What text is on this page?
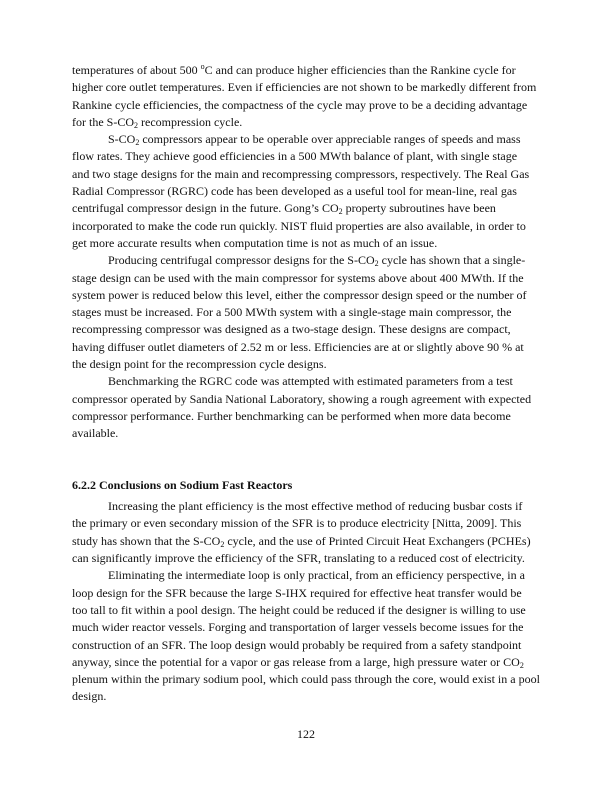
temperatures of about 500 $^o$C and can produce higher efficiencies than the Rankine cycle for
higher core outlet temperatures. Even if efficiencies are not shown to be markedly different from
Rankine cycle efficiencies, the compactness of the cycle may prove to be a deciding advantage
for the $S-CO_2$ recompression cycle.
$S-CO_2$ compressors appear to be operable over appreciable ranges of speeds and mass
flow rates. They achieve good efficiencies in a 500 MWth balance of plant, with single stage
and two stage designs for the main and recompressing compressors, respectively. The Real Gas
Radial Compressor (RGRC) code has been developed as a useful tool for mean-line, real gas
centrifugal compressor design in the future. Gong’s $CO_2$ property subroutines have been
incorporated to make the code run quickly. NIST fluid properties are also available, in order to
get more accurate results when computation time is not as much of an issue.
Producing centrifugal compressor designs for the $S-CO_2$ cycle has shown that a single-
stage design can be used with the main compressor for systems above about 400 MWth. If the
system power is reduced below this level, either the compressor design speed or the number of
stages must be increased. For a 500 MWth system with a single-stage main compressor, the
recompressing compressor was designed as a two-stage design. These designs are compact,
having diffuser outlet diameters of 2.52 m or less. Efficiencies are at or slightly above 90 % at
the design point for the recompression cycle designs.
Benchmarking the RGRC code was attempted with estimated parameters from a test
compressor operated by Sandia National Laboratory, showing a rough agreement with expected
compressor performance. Further benchmarking can be performed when more data become
available.
6.2.2 Conclusions on Sodium Fast Reactors
Increasing the plant efficiency is the most effective method of reducing busbar costs if
the primary or even secondary mission of the SFR is to produce electricity [Nitta, 2009]. This
study has shown that the $S-CO_2$ cycle, and the use of Printed Circuit Heat Exchangers (PCHEs)
can significantly improve the efficiency of the SFR, translating to a reduced cost of electricity.
Eliminating the intermediate loop is only practical, from an efficiency perspective, in a
loop design for the SFR because the large S-IHX required for effective heat transfer would be
too tall to fit within a pool design. The height could be reduced if the designer is willing to use
much wider reactor vessels. Forging and transportation of larger vessels become issues for the
construction of an SFR. The loop design would probably be required from a safety standpoint
anyway, since the potential for a vapor or gas release from a large, high pressure water or $CO_2$
plenum within the primary sodium pool, which could pass through the core, would exist in a pool
design.
122
